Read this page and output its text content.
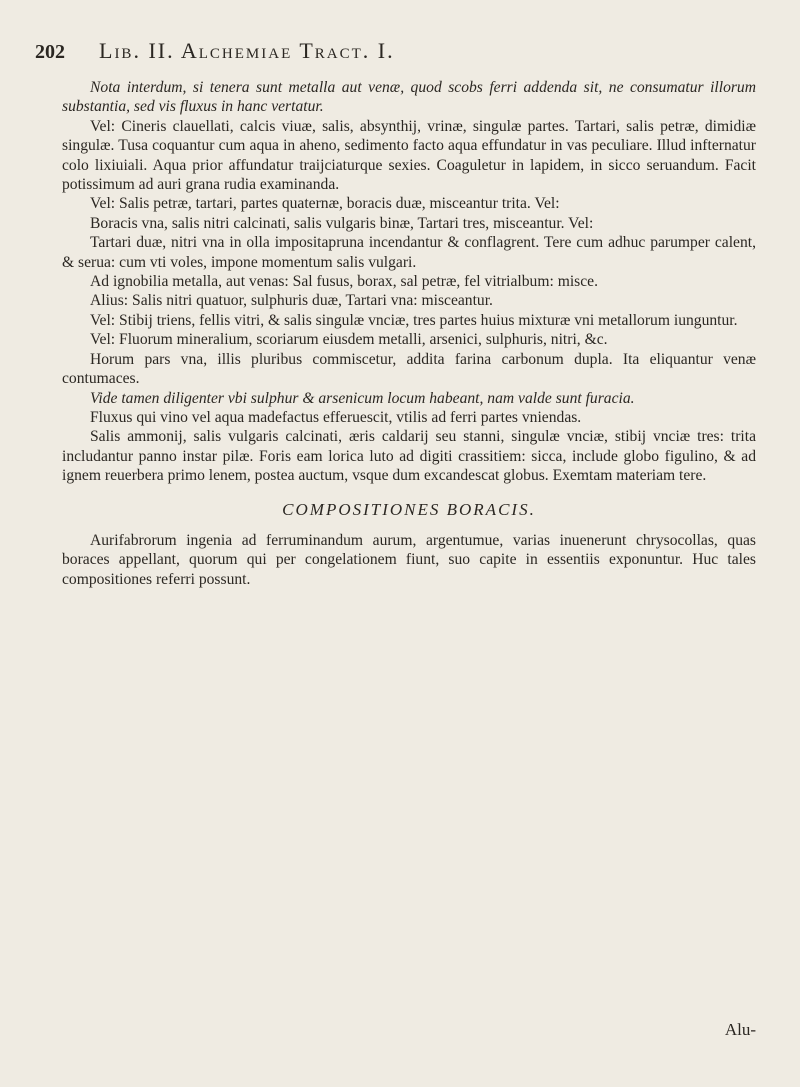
202	Lib. II. Alchemiae Tract. I.

Nota interdum, si tenera sunt metalla aut venæ, quod scobs ferri addenda sit, ne consumatur illorum substantia, sed vis fluxus in hanc vertatur.

Vel: Cineris clauellati, calcis viuæ, salis, absynthij, vrinæ, singulæ partes. Tartari, salis petræ, dimidiæ singulæ. Tusa coquantur cum aqua in aheno, sedimento facto aqua effundatur in vas peculiare. Illud infternatur colo lixiuiali. Aqua prior affundatur traijciaturque sexies. Coaguletur in lapidem, in sicco seruandum. Facit potissimum ad auri grana rudia examinanda.

Vel: Salis petræ, tartari, partes quaternæ, boracis duæ, misceantur trita. Vel:

Boracis vna, salis nitri calcinati, salis vulgaris binæ, Tartari tres, misceantur. Vel:

Tartari duæ, nitri vna in olla impositapruna incendantur & conflagrent. Tere cum adhuc parumper calent, & serua: cum vti voles, impone momentum salis vulgari.

Ad ignobilia metalla, aut venas: Sal fusus, borax, sal petræ, fel vitrialbum: misce.

Alius: Salis nitri quatuor, sulphuris duæ, Tartari vna: misceantur.

Vel: Stibij triens, fellis vitri, & salis singulæ vnciæ, tres partes huius mixturæ vni metallorum iunguntur.

Vel: Fluorum mineralium, scoriarum eiusdem metalli, arsenici, sulphuris, nitri, &c.

Horum pars vna, illis pluribus commiscetur, addita farina carbonum dupla. Ita eliquantur venæ contumaces.

Vide tamen diligenter vbi sulphur & arsenicum locum habeant, nam valde sunt furacia.

Fluxus qui vino vel aqua madefactus efferuescit, vtilis ad ferri partes vniendas.

Salis ammonij, salis vulgaris calcinati, æris caldarij seu stanni, singulæ vnciæ, stibij vnciæ tres: trita includantur panno instar pilæ. Foris eam lorica luto ad digiti crassitiem: sicca, include globo figulino, & ad ignem reuerbera primo lenem, postea auctum, vsque dum excandescat globus. Exemtam materiam tere.

COMPOSITIONES BORACIS.

Aurifabrorum ingenia ad ferruminandum aurum, argentumue, varias inuenerunt chrysocollas, quas boraces appellant, quorum qui per congelationem fiunt, suo capite in essentiis exponuntur. Huc tales compositiones referri possunt.

Alu-
